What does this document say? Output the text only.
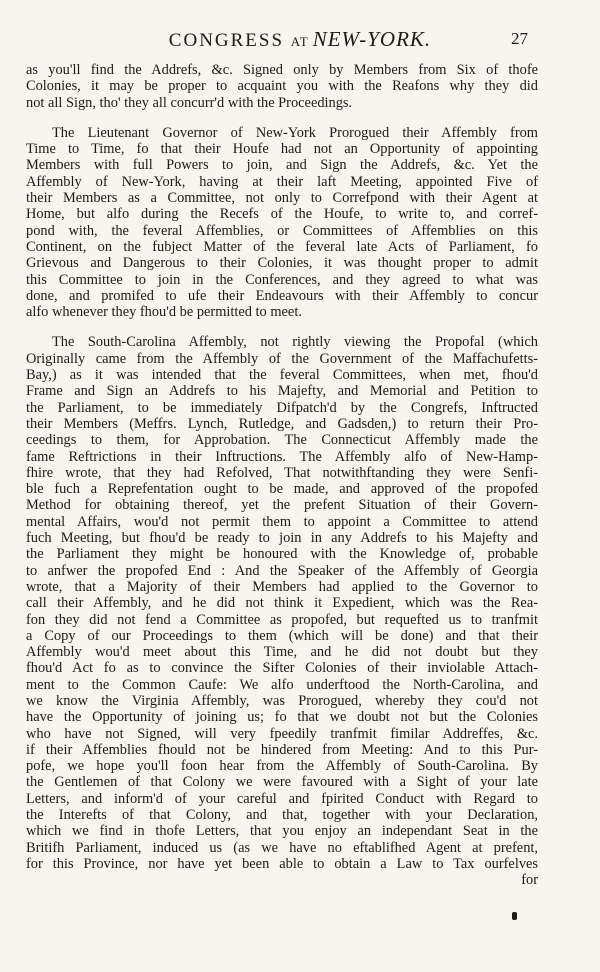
CONGRESS AT NEW-YORK.	27
as you'll find the Addrefs, &c. Signed only by Members from Six of thofe
Colonies, it may be proper to acquaint you with the Reafons why they did
not all Sign, tho' they all concurr'd with the Proceedings.
The Lieutenant Governor of New-York Prorogued their Affembly from
Time to Time, fo that their Houfe had not an Opportunity of appointing
Members with full Powers to join, and Sign the Addrefs, &c. Yet the
Affembly of New-York, having at their laft Meeting, appointed Five of
their Members as a Committee, not only to Correfpond with their Agent at
Home, but alfo during the Recefs of the Houfe, to write to, and corref-
pond with, the feveral Affemblies, or Committees of Affemblies on this
Continent, on the fubject Matter of the feveral late Acts of Parliament, fo
Grievous and Dangerous to their Colonies, it was thought proper to admit
this Committee to join in the Conferences, and they agreed to what was
done, and promifed to ufe their Endeavours with their Affembly to concur
alfo whenever they fhou'd be permitted to meet.
The South-Carolina Affembly, not rightly viewing the Propofal (which
Originally came from the Affembly of the Government of the Maffachufetts-
Bay,) as it was intended that the feveral Committees, when met, fhou'd
Frame and Sign an Addrefs to his Majefty, and Memorial and Petition to
the Parliament, to be immediately Difpatch'd by the Congrefs, Inftructed
their Members (Meffrs. Lynch, Rutledge, and Gadsden,) to return their Pro-
ceedings to them, for Approbation. The Connecticut Affembly made the
fame Reftrictions in their Inftructions. The Affembly alfo of New-Hamp-
fhire wrote, that they had Refolved, That notwithftanding they were Senfi-
ble fuch a Reprefentation ought to be made, and approved of the propofed
Method for obtaining thereof, yet the prefent Situation of their Govern-
mental Affairs, wou'd not permit them to appoint a Committee to attend
fuch Meeting, but fhou'd be ready to join in any Addrefs to his Majefty and
the Parliament they might be honoured with the Knowledge of, probable
to anfwer the propofed End : And the Speaker of the Affembly of Georgia
wrote, that a Majority of their Members had applied to the Governor to
call their Affembly, and he did not think it Expedient, which was the Rea-
fon they did not fend a Committee as propofed, but requefted us to tranfmit
a Copy of our Proceedings to them (which will be done) and that their
Affembly wou'd meet about this Time, and he did not doubt but they
fhou'd Act fo as to convince the Sifter Colonies of their inviolable Attach-
ment to the Common Caufe: We alfo underftood the North-Carolina, and
we know the Virginia Affembly, was Prorogued, whereby they cou'd not
have the Opportunity of joining us; fo that we doubt not but the Colonies
who have not Signed, will very fpeedily tranfmit fimilar Addreffes, &c.
if their Affemblies fhould not be hindered from Meeting: And to this Pur-
pofe, we hope you'll foon hear from the Affembly of South-Carolina. By
the Gentlemen of that Colony we were favoured with a Sight of your late
Letters, and inform'd of your careful and fpirited Conduct with Regard to
the Interefts of that Colony, and that, together with your Declaration,
which we find in thofe Letters, that you enjoy an independant Seat in the
Britifh Parliament, induced us (as we have no eftablifhed Agent at prefent,
for this Province, nor have yet been able to obtain a Law to Tax ourfelves
for
